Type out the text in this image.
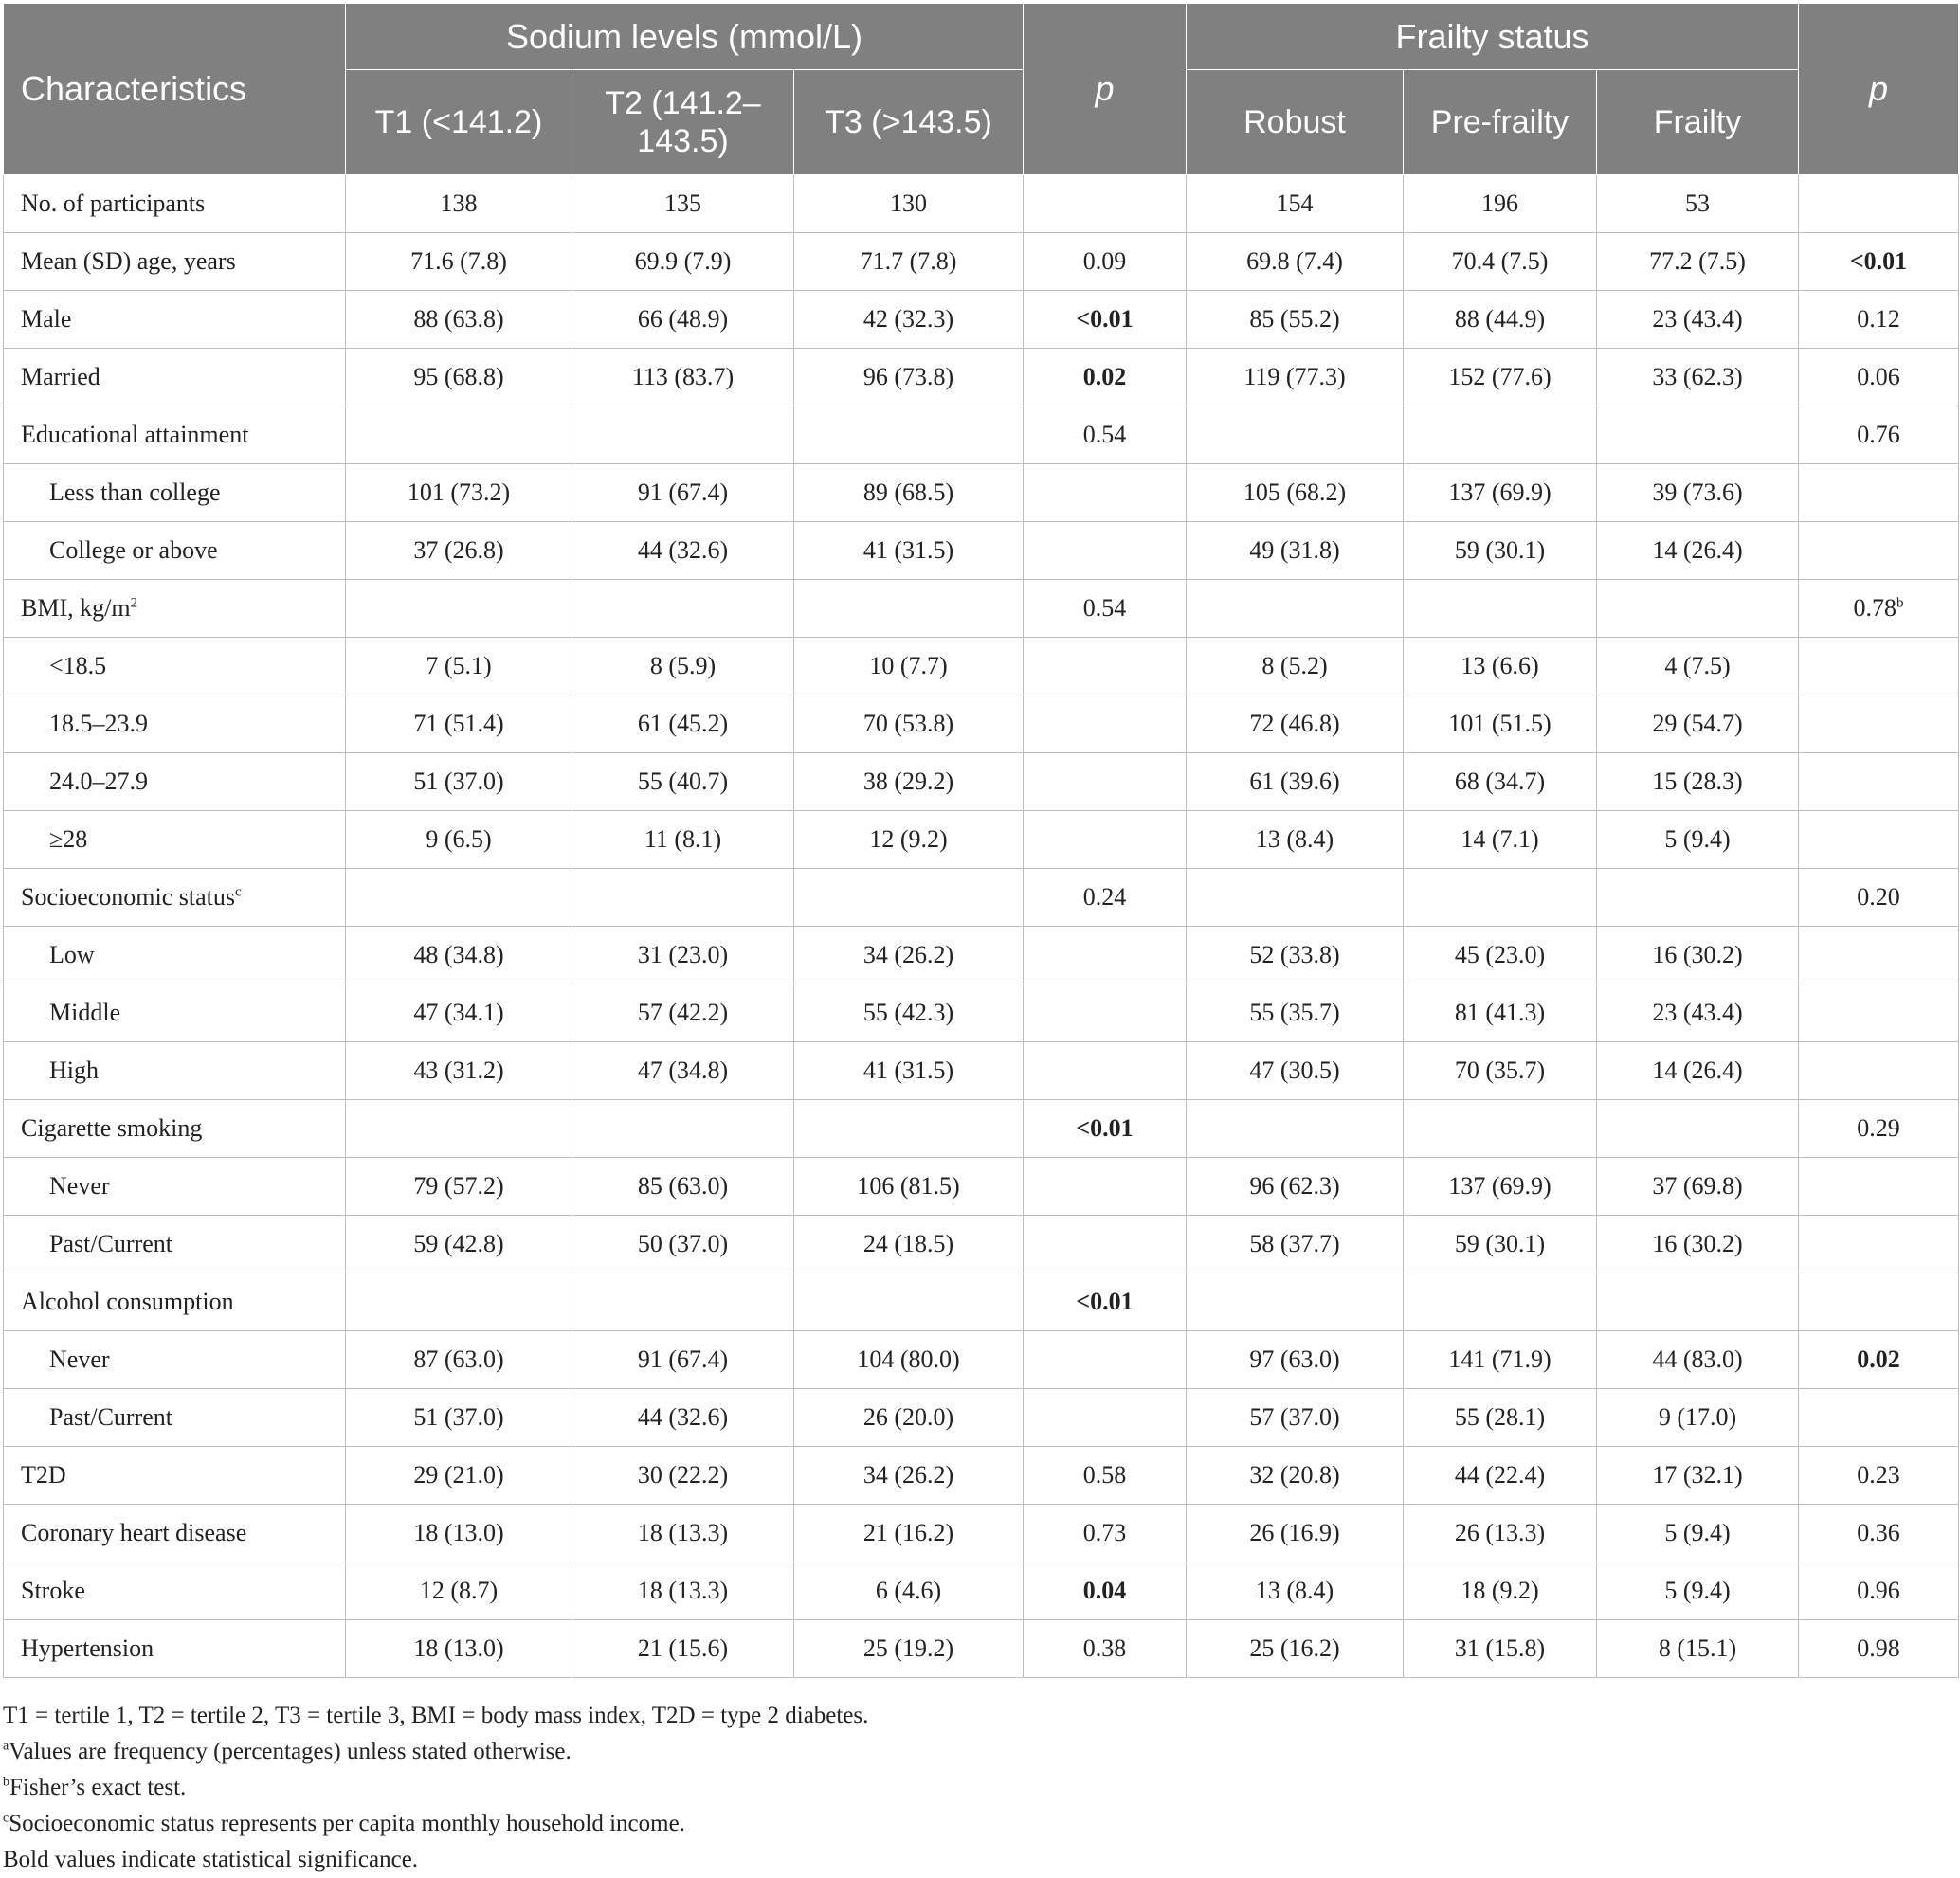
Characteristics	Sodium levels (mmol/L)			p	Frailty status			p
	T1 (<141.2)	T2 (141.2–143.5)	T3 (>143.5)		Robust	Pre-frailty	Frailty	
No. of participants	138	135	130		154	196	53	
Mean (SD) age, years	71.6 (7.8)	69.9 (7.9)	71.7 (7.8)	0.09	69.8 (7.4)	70.4 (7.5)	77.2 (7.5)	<0.01
Male	88 (63.8)	66 (48.9)	42 (32.3)	<0.01	85 (55.2)	88 (44.9)	23 (43.4)	0.12
Married	95 (68.8)	113 (83.7)	96 (73.8)	0.02	119 (77.3)	152 (77.6)	33 (62.3)	0.06
Educational attainment				0.54				0.76
Less than college	101 (73.2)	91 (67.4)	89 (68.5)		105 (68.2)	137 (69.9)	39 (73.6)	
College or above	37 (26.8)	44 (32.6)	41 (31.5)		49 (31.8)	59 (30.1)	14 (26.4)	
BMI, $kg/m^2$				0.54				0.78$^b$
<18.5	7 (5.1)	8 (5.9)	10 (7.7)		8 (5.2)	13 (6.6)	4 (7.5)	
18.5–23.9	71 (51.4)	61 (45.2)	70 (53.8)		72 (46.8)	101 (51.5)	29 (54.7)	
24.0–27.9	51 (37.0)	55 (40.7)	38 (29.2)		61 (39.6)	68 (34.7)	15 (28.3)	
≥28	9 (6.5)	11 (8.1)	12 (9.2)		13 (8.4)	14 (7.1)	5 (9.4)	
Socioeconomic status$^c$				0.24				0.20
Low	48 (34.8)	31 (23.0)	34 (26.2)		52 (33.8)	45 (23.0)	16 (30.2)	
Middle	47 (34.1)	57 (42.2)	55 (42.3)		55 (35.7)	81 (41.3)	23 (43.4)	
High	43 (31.2)	47 (34.8)	41 (31.5)		47 (30.5)	70 (35.7)	14 (26.4)	
Cigarette smoking				<0.01				0.29
Never	79 (57.2)	85 (63.0)	106 (81.5)		96 (62.3)	137 (69.9)	37 (69.8)	
Past/Current	59 (42.8)	50 (37.0)	24 (18.5)		58 (37.7)	59 (30.1)	16 (30.2)	
Alcohol consumption				<0.01				
Never	87 (63.0)	91 (67.4)	104 (80.0)		97 (63.0)	141 (71.9)	44 (83.0)	0.02
Past/Current	51 (37.0)	44 (32.6)	26 (20.0)		57 (37.0)	55 (28.1)	9 (17.0)	
T2D	29 (21.0)	30 (22.2)	34 (26.2)	0.58	32 (20.8)	44 (22.4)	17 (32.1)	0.23
Coronary heart disease	18 (13.0)	18 (13.3)	21 (16.2)	0.73	26 (16.9)	26 (13.3)	5 (9.4)	0.36
Stroke	12 (8.7)	18 (13.3)	6 (4.6)	0.04	13 (8.4)	18 (9.2)	5 (9.4)	0.96
Hypertension	18 (13.0)	21 (15.6)	25 (19.2)	0.38	25 (16.2)	31 (15.8)	8 (15.1)	0.98
T1 = tertile 1, T2 = tertile 2, T3 = tertile 3, BMI = body mass index, T2D = type 2 diabetes.
$^a$Values are frequency (percentages) unless stated otherwise.
$^b$Fisher’s exact test.
$^c$Socioeconomic status represents per capita monthly household income.
Bold values indicate statistical significance.
